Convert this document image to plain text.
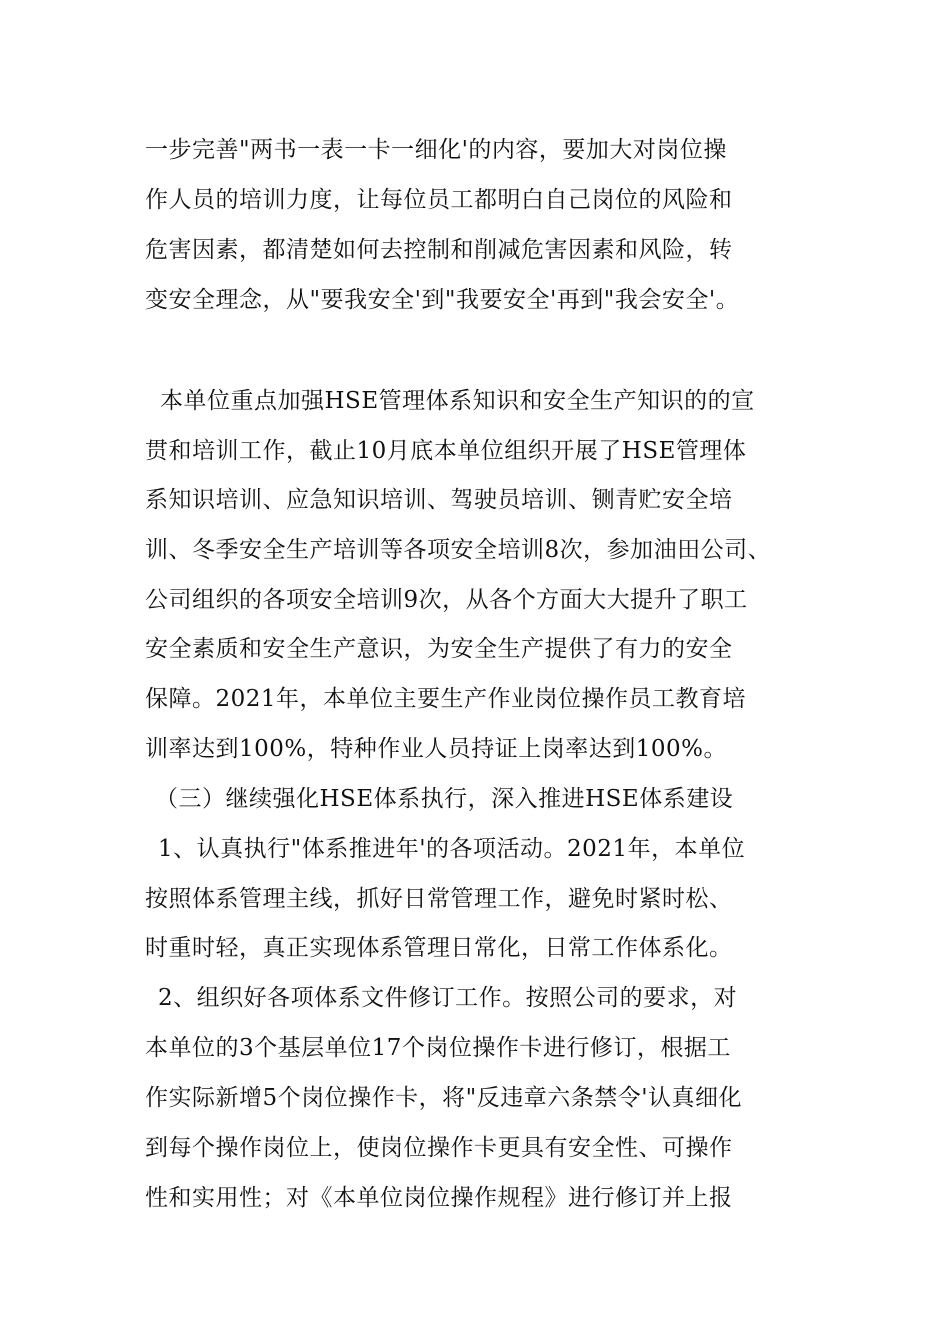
一步完善"两书一表一卡一细化'的内容，要加大对岗位操
作人员的培训力度，让每位员工都明白自己岗位的风险和
危害因素，都清楚如何去控制和削减危害因素和风险，转
变安全理念，从"要我安全'到"我要安全'再到"我会安全'。
本单位重点加强HSE管理体系知识和安全生产知识的的宣
贯和培训工作，截止10月底本单位组织开展了HSE管理体
系知识培训、应急知识培训、驾驶员培训、铡青贮安全培
训、冬季安全生产培训等各项安全培训8次，参加油田公司、
公司组织的各项安全培训9次，从各个方面大大提升了职工
安全素质和安全生产意识，为安全生产提供了有力的安全
保障。2021年，本单位主要生产作业岗位操作员工教育培
训率达到100%，特种作业人员持证上岗率达到100%。
（三）继续强化HSE体系执行，深入推进HSE体系建设
1、认真执行"体系推进年'的各项活动。2021年，本单位
按照体系管理主线，抓好日常管理工作，避免时紧时松、
时重时轻，真正实现体系管理日常化，日常工作体系化。
2、组织好各项体系文件修订工作。按照公司的要求，对
本单位的3个基层单位17个岗位操作卡进行修订，根据工
作实际新增5个岗位操作卡，将"反违章六条禁令'认真细化
到每个操作岗位上，使岗位操作卡更具有安全性、可操作
性和实用性；对《本单位岗位操作规程》进行修订并上报
